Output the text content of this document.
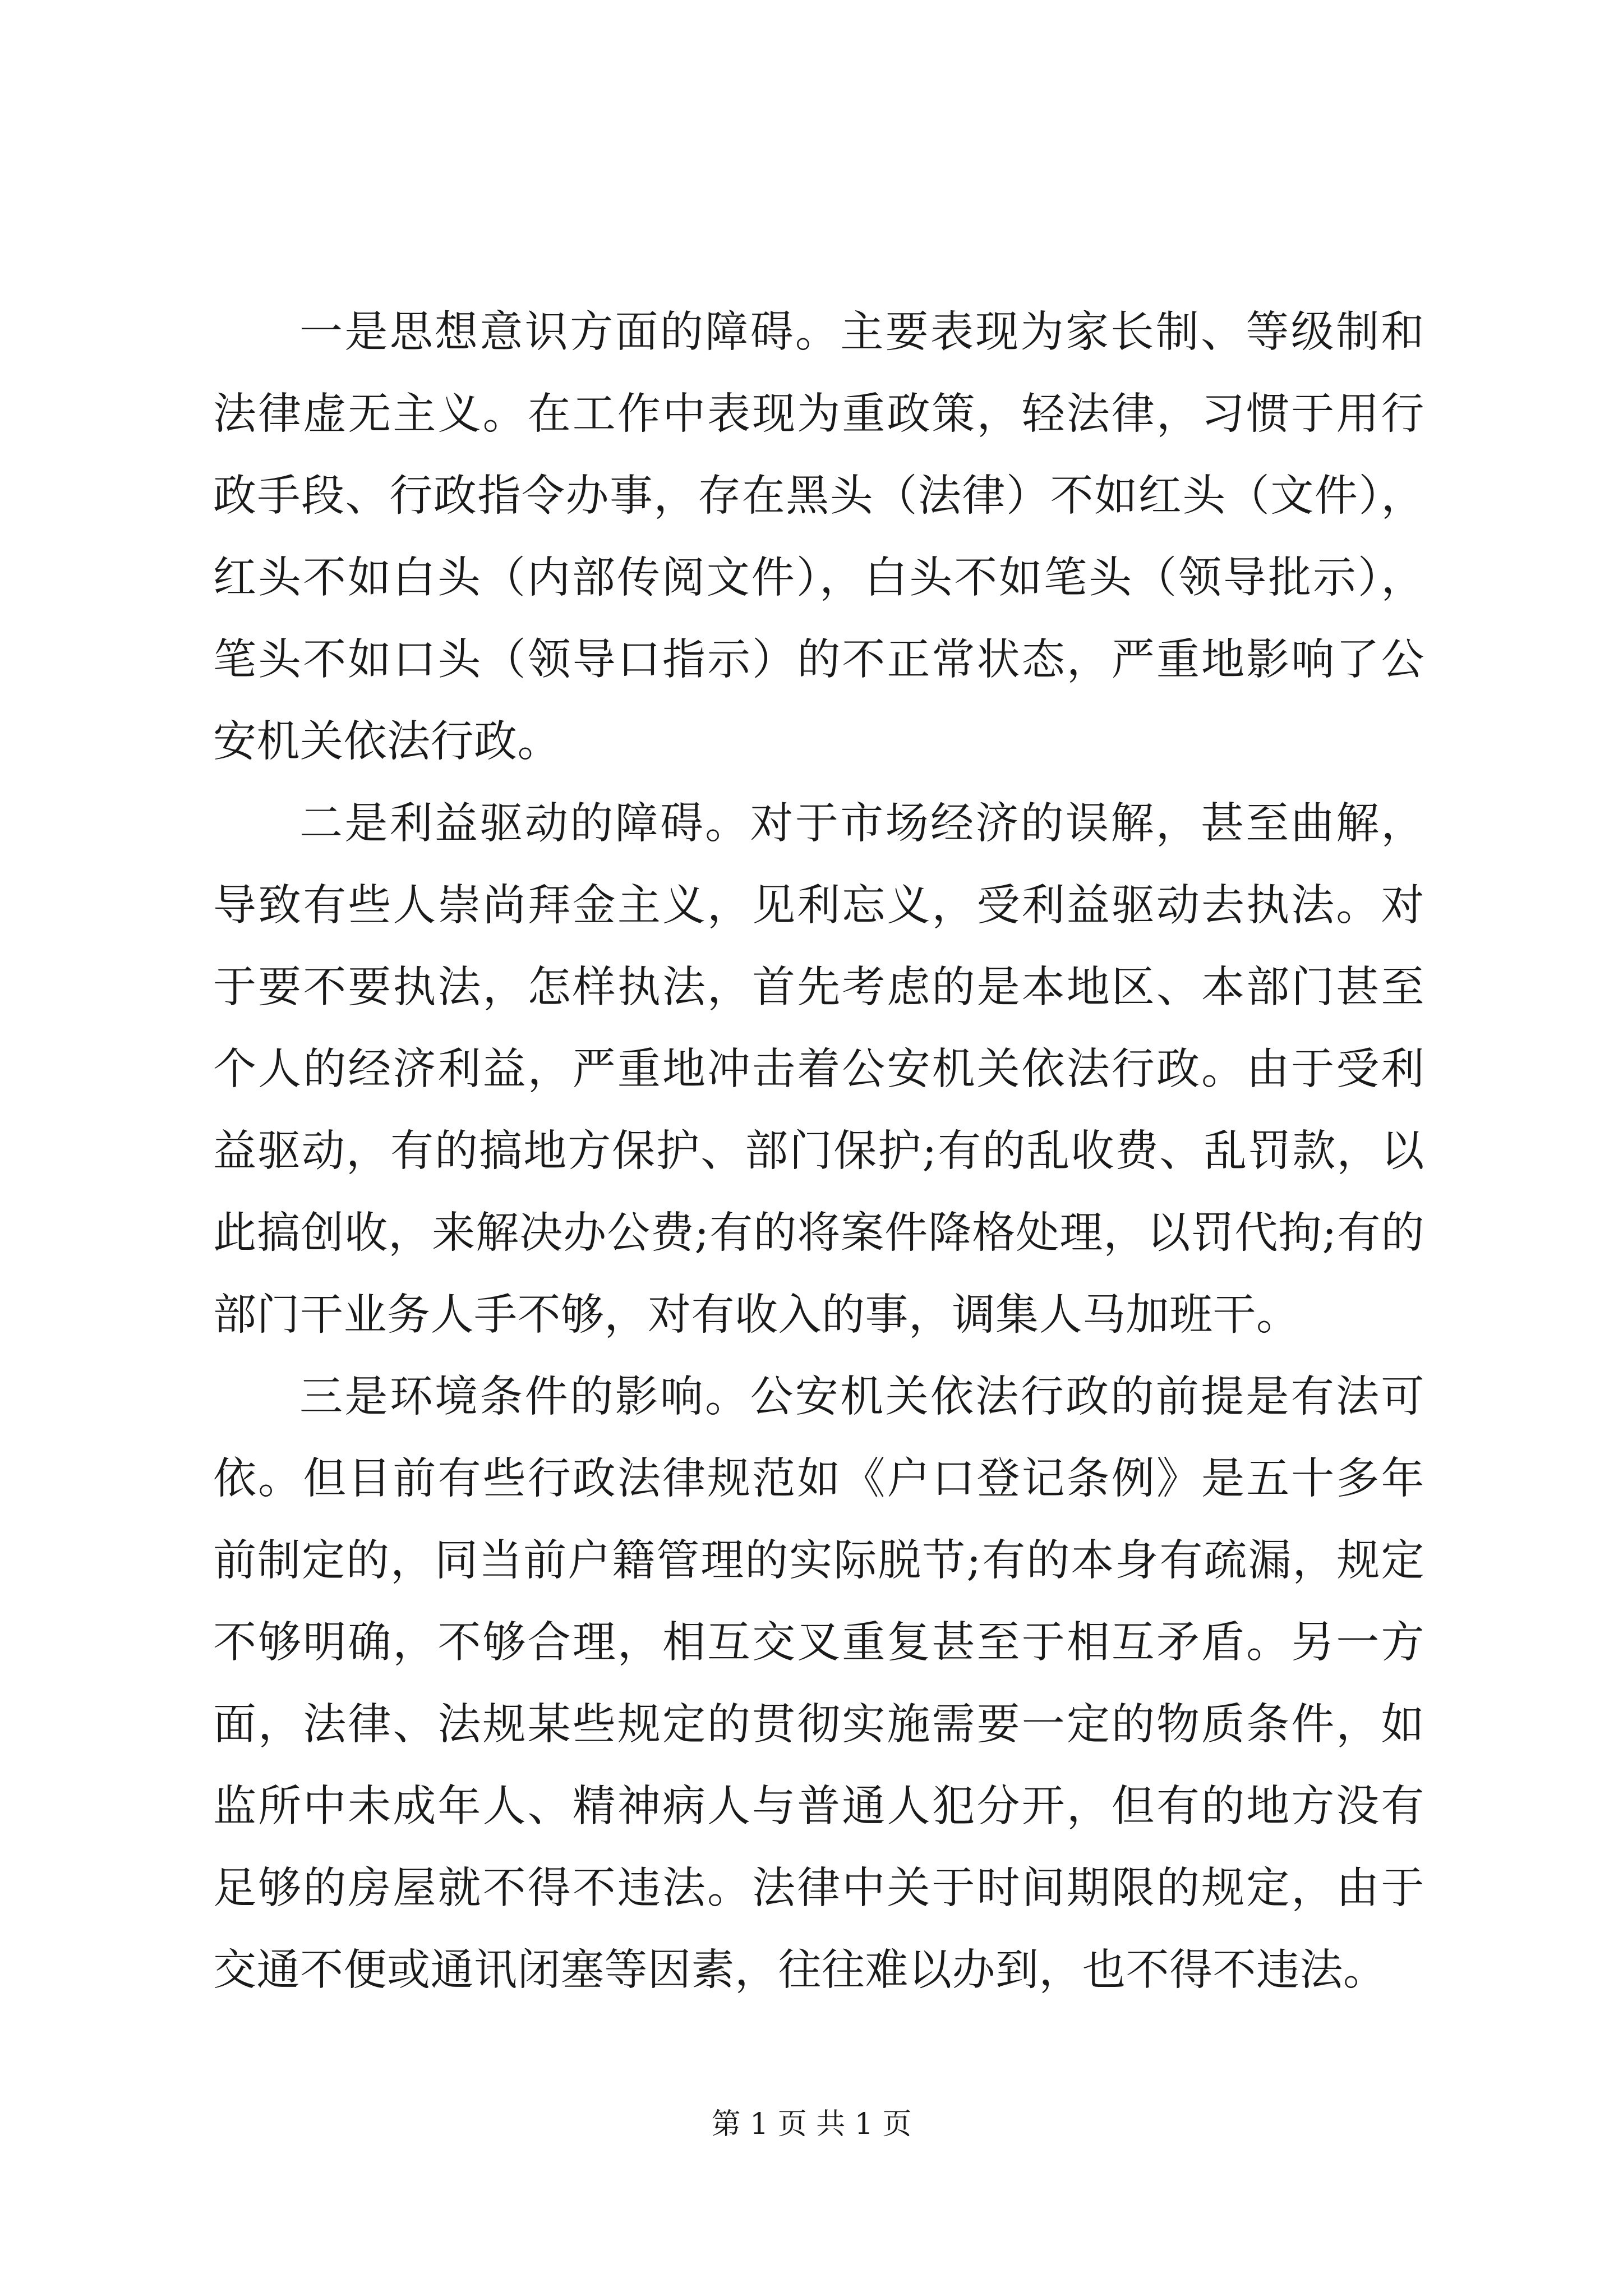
一是思想意识方面的障碍。主要表现为家长制、等级制和法律虚无主义。在工作中表现为重政策，轻法律，习惯于用行政手段、行政指令办事，存在黑头（法律）不如红头（文件），红头不如白头（内部传阅文件），白头不如笔头（领导批示），笔头不如口头（领导口指示）的不正常状态，严重地影响了公安机关依法行政。

二是利益驱动的障碍。对于市场经济的误解，甚至曲解，导致有些人崇尚拜金主义，见利忘义，受利益驱动去执法。对于要不要执法，怎样执法，首先考虑的是本地区、本部门甚至个人的经济利益，严重地冲击着公安机关依法行政。由于受利益驱动，有的搞地方保护、部门保护;有的乱收费、乱罚款，以此搞创收，来解决办公费;有的将案件降格处理，以罚代拘;有的部门干业务人手不够，对有收入的事，调集人马加班干。

三是环境条件的影响。公安机关依法行政的前提是有法可依。但目前有些行政法律规范如《户口登记条例》是五十多年前制定的，同当前户籍管理的实际脱节;有的本身有疏漏，规定不够明确，不够合理，相互交叉重复甚至于相互矛盾。另一方面，法律、法规某些规定的贯彻实施需要一定的物质条件，如监所中未成年人、精神病人与普通人犯分开，但有的地方没有足够的房屋就不得不违法。法律中关于时间期限的规定，由于交通不便或通讯闭塞等因素，往往难以办到，也不得不违法。

第 1 页 共 1 页
